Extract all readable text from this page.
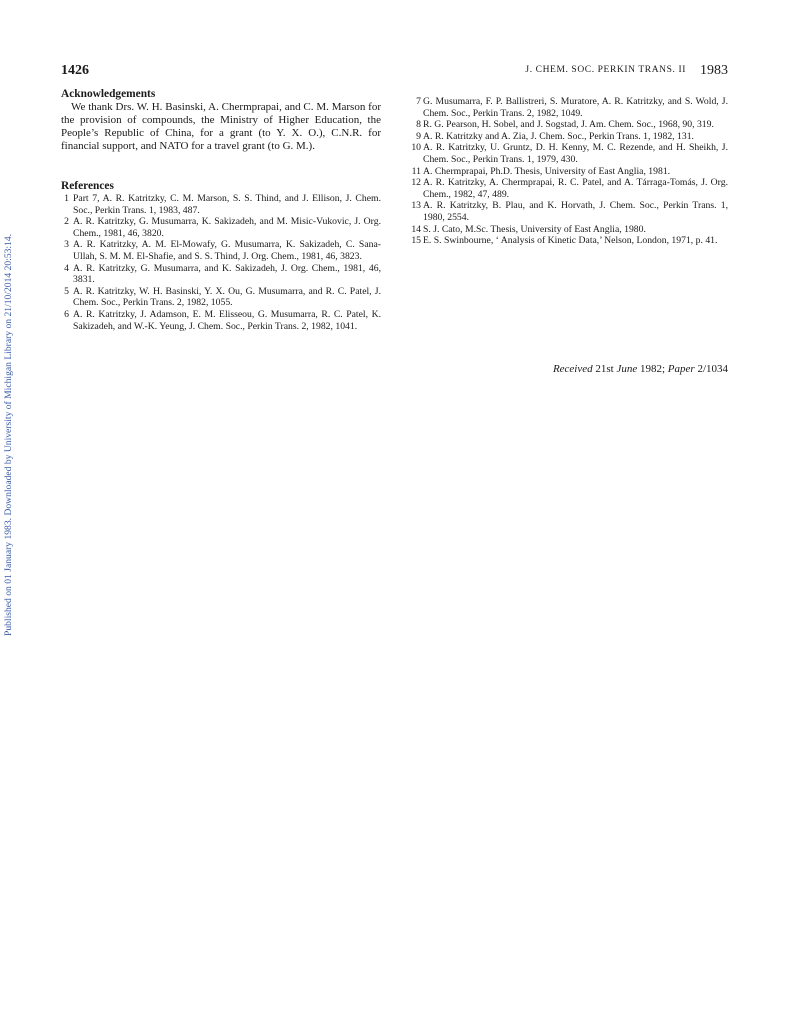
Published on 01 January 1983. Downloaded by University of Michigan Library on 21/10/2014 20:53:14.
1426	J. CHEM. SOC. PERKIN TRANS. II 1983
Acknowledgements

We thank Drs. W. H. Basinski, A. Chermprapai, and C. M. Marson for the provision of compounds, the Ministry of Higher Education, the People’s Republic of China, for a grant (to Y. X. O.), C.N.R. for financial support, and NATO for a travel grant (to G. M.).

References
1 Part 7, A. R. Katritzky, C. M. Marson, S. S. Thind, and J. Ellison, J. Chem. Soc., Perkin Trans. 1, 1983, 487.
2 A. R. Katritzky, G. Musumarra, K. Sakizadeh, and M. Misic-Vukovic, J. Org. Chem., 1981, 46, 3820.
3 A. R. Katritzky, A. M. El-Mowafy, G. Musumarra, K. Sakizadeh, C. Sana-Ullah, S. M. M. El-Shafie, and S. S. Thind, J. Org. Chem., 1981, 46, 3823.
4 A. R. Katritzky, G. Musumarra, and K. Sakizadeh, J. Org. Chem., 1981, 46, 3831.
5 A. R. Katritzky, W. H. Basinski, Y. X. Ou, G. Musumarra, and R. C. Patel, J. Chem. Soc., Perkin Trans. 2, 1982, 1055.
6 A. R. Katritzky, J. Adamson, E. M. Elisseou, G. Musumarra, R. C. Patel, K. Sakizadeh, and W.-K. Yeung, J. Chem. Soc., Perkin Trans. 2, 1982, 1041.
7 G. Musumarra, F. P. Ballistreri, S. Muratore, A. R. Katritzky, and S. Wold, J. Chem. Soc., Perkin Trans. 2, 1982, 1049.
8 R. G. Pearson, H. Sobel, and J. Sogstad, J. Am. Chem. Soc., 1968, 90, 319.
9 A. R. Katritzky and A. Zia, J. Chem. Soc., Perkin Trans. 1, 1982, 131.
10 A. R. Katritzky, U. Gruntz, D. H. Kenny, M. C. Rezende, and H. Sheikh, J. Chem. Soc., Perkin Trans. 1, 1979, 430.
11 A. Chermprapai, Ph.D. Thesis, University of East Anglia, 1981.
12 A. R. Katritzky, A. Chermprapai, R. C. Patel, and A. Tárraga-Tomás, J. Org. Chem., 1982, 47, 489.
13 A. R. Katritzky, B. Plau, and K. Horvath, J. Chem. Soc., Perkin Trans. 1, 1980, 2554.
14 S. J. Cato, M.Sc. Thesis, University of East Anglia, 1980.
15 E. S. Swinbourne, ‘ Analysis of Kinetic Data,’ Nelson, London, 1971, p. 41.
Received 21st June 1982; Paper 2/1034
